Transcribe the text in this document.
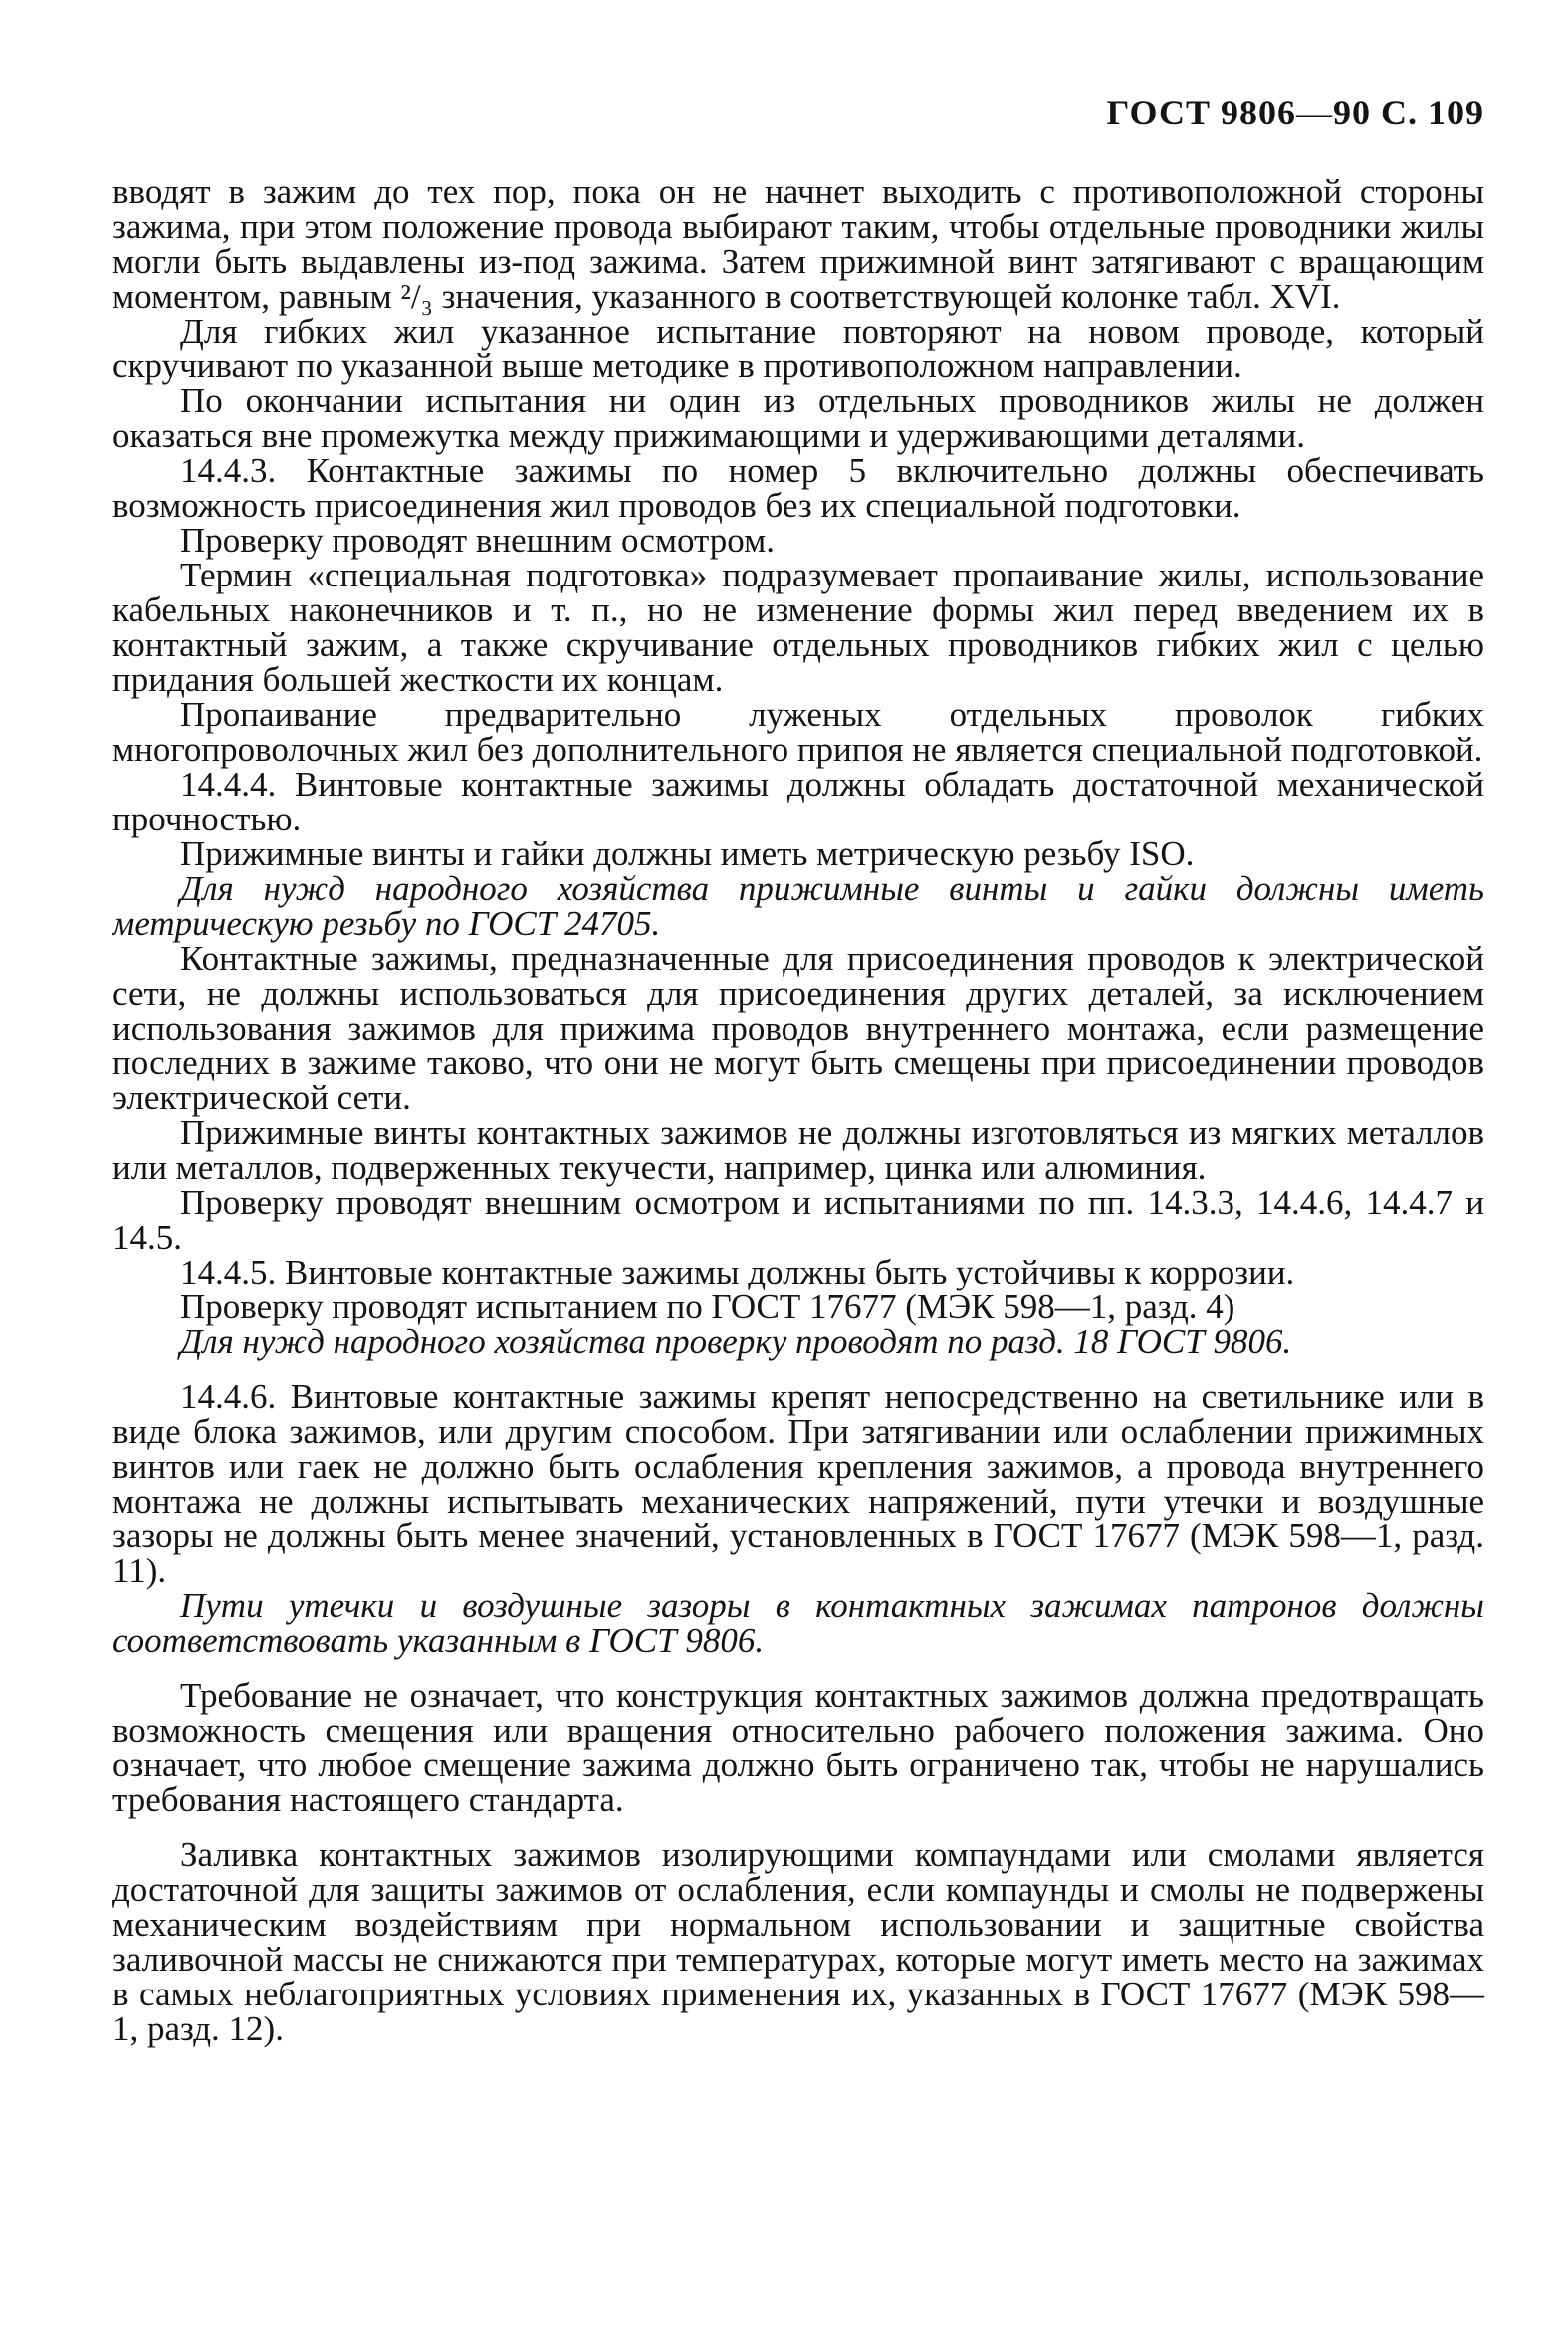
ГОСТ 9806—90 С. 109

вводят в зажим до тех пор, пока он не начнет выходить с противоположной стороны зажима, при этом положение провода выбирают таким, чтобы отдельные проводники жилы могли быть выдавлены из-под зажима. Затем прижимной винт затягивают с вращающим моментом, равным ²/₃ значения, указанного в соответствующей колонке табл. XVI.

Для гибких жил указанное испытание повторяют на новом проводе, который скручивают по указанной выше методике в противоположном направлении.

По окончании испытания ни один из отдельных проводников жилы не должен оказаться вне промежутка между прижимающими и удерживающими деталями.

14.4.3. Контактные зажимы по номер 5 включительно должны обеспечивать возможность присоединения жил проводов без их специальной подготовки.

Проверку проводят внешним осмотром.

Термин «специальная подготовка» подразумевает пропаивание жилы, использование кабельных наконечников и т. п., но не изменение формы жил перед введением их в контактный зажим, а также скручивание отдельных проводников гибких жил с целью придания большей жесткости их концам.

Пропаивание предварительно луженых отдельных проволок гибких многопроволочных жил без дополнительного припоя не является специальной подготовкой.

14.4.4. Винтовые контактные зажимы должны обладать достаточной механической прочностью.

Прижимные винты и гайки должны иметь метрическую резьбу ISO.

Для нужд народного хозяйства прижимные винты и гайки должны иметь метрическую резьбу по ГОСТ 24705.

Контактные зажимы, предназначенные для присоединения проводов к электрической сети, не должны использоваться для присоединения других деталей, за исключением использования зажимов для прижима проводов внутреннего монтажа, если размещение последних в зажиме таково, что они не могут быть смещены при присоединении проводов электрической сети.

Прижимные винты контактных зажимов не должны изготовляться из мягких металлов или металлов, подверженных текучести, например, цинка или алюминия.

Проверку проводят внешним осмотром и испытаниями по пп. 14.3.3, 14.4.6, 14.4.7 и 14.5.

14.4.5. Винтовые контактные зажимы должны быть устойчивы к коррозии.

Проверку проводят испытанием по ГОСТ 17677 (МЭК 598—1, разд. 4)

Для нужд народного хозяйства проверку проводят по разд. 18 ГОСТ 9806.

14.4.6. Винтовые контактные зажимы крепят непосредственно на светильнике или в виде блока зажимов, или другим способом. При затягивании или ослаблении прижимных винтов или гаек не должно быть ослабления крепления зажимов, а провода внутреннего монтажа не должны испытывать механических напряжений, пути утечки и воздушные зазоры не должны быть менее значений, установленных в ГОСТ 17677 (МЭК 598—1, разд. 11).

Пути утечки и воздушные зазоры в контактных зажимах патронов должны соответствовать указанным в ГОСТ 9806.

Требование не означает, что конструкция контактных зажимов должна предотвращать возможность смещения или вращения относительно рабочего положения зажима. Оно означает, что любое смещение зажима должно быть ограничено так, чтобы не нарушались требования настоящего стандарта.

Заливка контактных зажимов изолирующими компаундами или смолами является достаточной для защиты зажимов от ослабления, если компаунды и смолы не подвержены механическим воздействиям при нормальном использовании и защитные свойства заливочной массы не снижаются при температурах, которые могут иметь место на зажимах в самых неблагоприятных условиях применения их, указанных в ГОСТ 17677 (МЭК 598—1, разд. 12).
